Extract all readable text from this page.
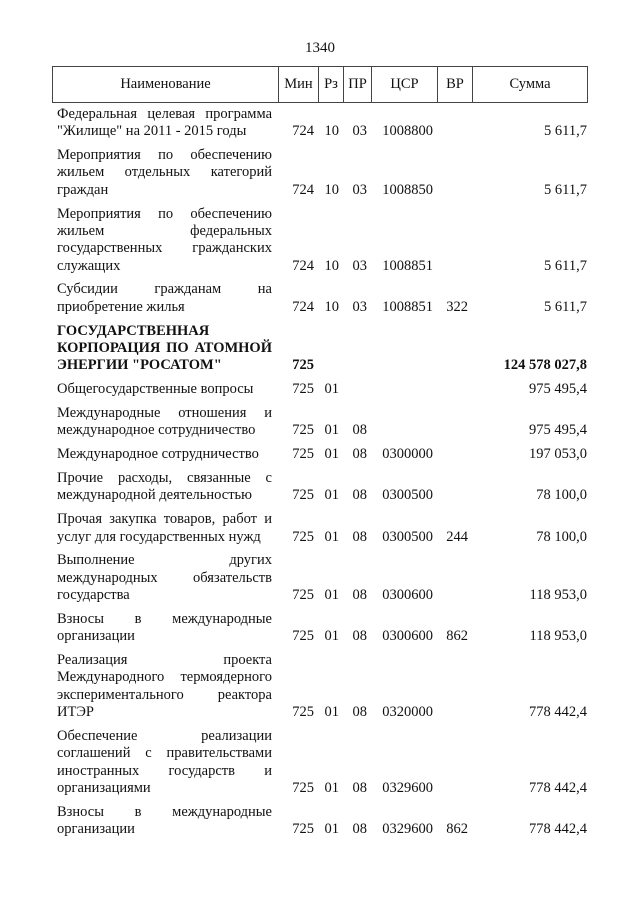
1340
Наименование	Мин Рз ПР	ЦСР	ВР	Сумма
Федеральная целевая программа "Жилище" на 2011 - 2015 годы	724 10 03	1008800	5 611,7
Мероприятия по обеспечению жильем отдельных категорий граждан	724 10 03	1008850	5 611,7
Мероприятия по обеспечению жильем федеральных государственных гражданских служащих	724 10 03	1008851	5 611,7
Субсидии гражданам на приобретение жилья	724 10 03	1008851 322	5 611,7
ГОСУДАРСТВЕННАЯ КОРПОРАЦИЯ ПО АТОМНОЙ ЭНЕРГИИ "РОСАТОМ"	725	124 578 027,8
Общегосударственные вопросы	725 01	975 495,4
Международные отношения и международное сотрудничество	725 01 08	975 495,4
Международное сотрудничество	725 01 08	0300000	197 053,0
Прочие расходы, связанные с международной деятельностью	725 01 08	0300500	78 100,0
Прочая закупка товаров, работ и услуг для государственных нужд	725 01 08	0300500 244	78 100,0
Выполнение других международных обязательств государства	725 01 08	0300600	118 953,0
Взносы в международные организации	725 01 08	0300600 862	118 953,0
Реализация проекта Международного термоядерного экспериментального реактора ИТЭР	725 01 08	0320000	778 442,4
Обеспечение реализации соглашений с правительствами иностранных государств и организациями	725 01 08	0329600	778 442,4
Взносы в международные организации	725 01 08	0329600 862	778 442,4
